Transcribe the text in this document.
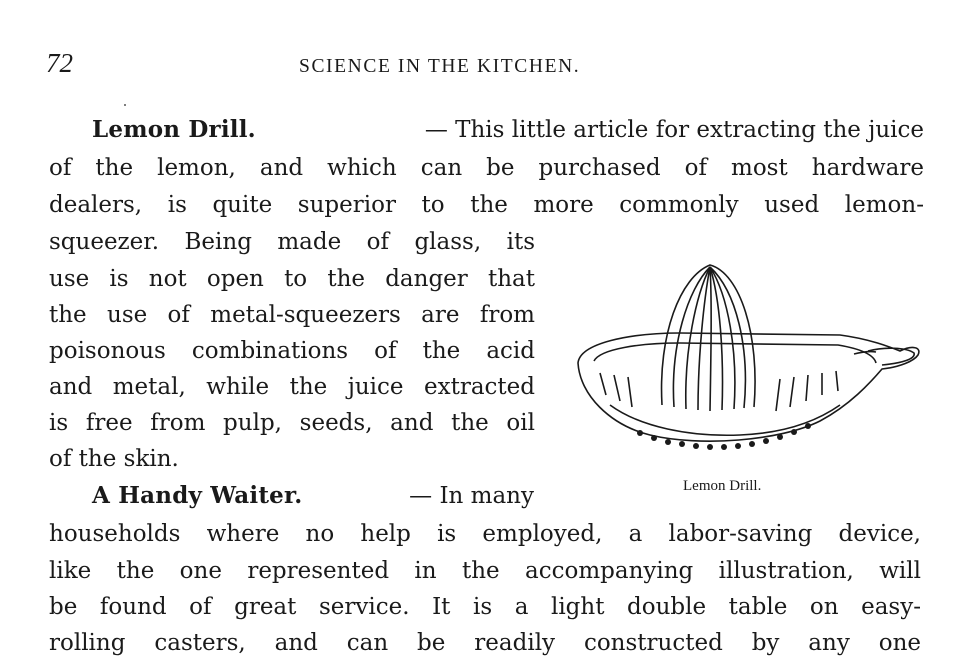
72	SCIENCE IN THE KITCHEN.
Lemon Drill.	— This little article for extracting the juice
of the lemon, and which can be purchased of most hardware
dealers, is quite superior to the more commonly used lemon-
squeezer. Being made of glass, its
use is not open to the danger that
the use of metal-squeezers are from
poisonous combinations of the acid
and metal, while the juice extracted
is free from pulp, seeds, and the oil
of the skin.
A Handy Waiter.	— In many
households where no help is employed, a labor-saving device,
like the one represented in the accompanying illustration, will
be found of great service. It is a light double table on easy-
rolling casters, and can be readily constructed by any one
Lemon Drill.
